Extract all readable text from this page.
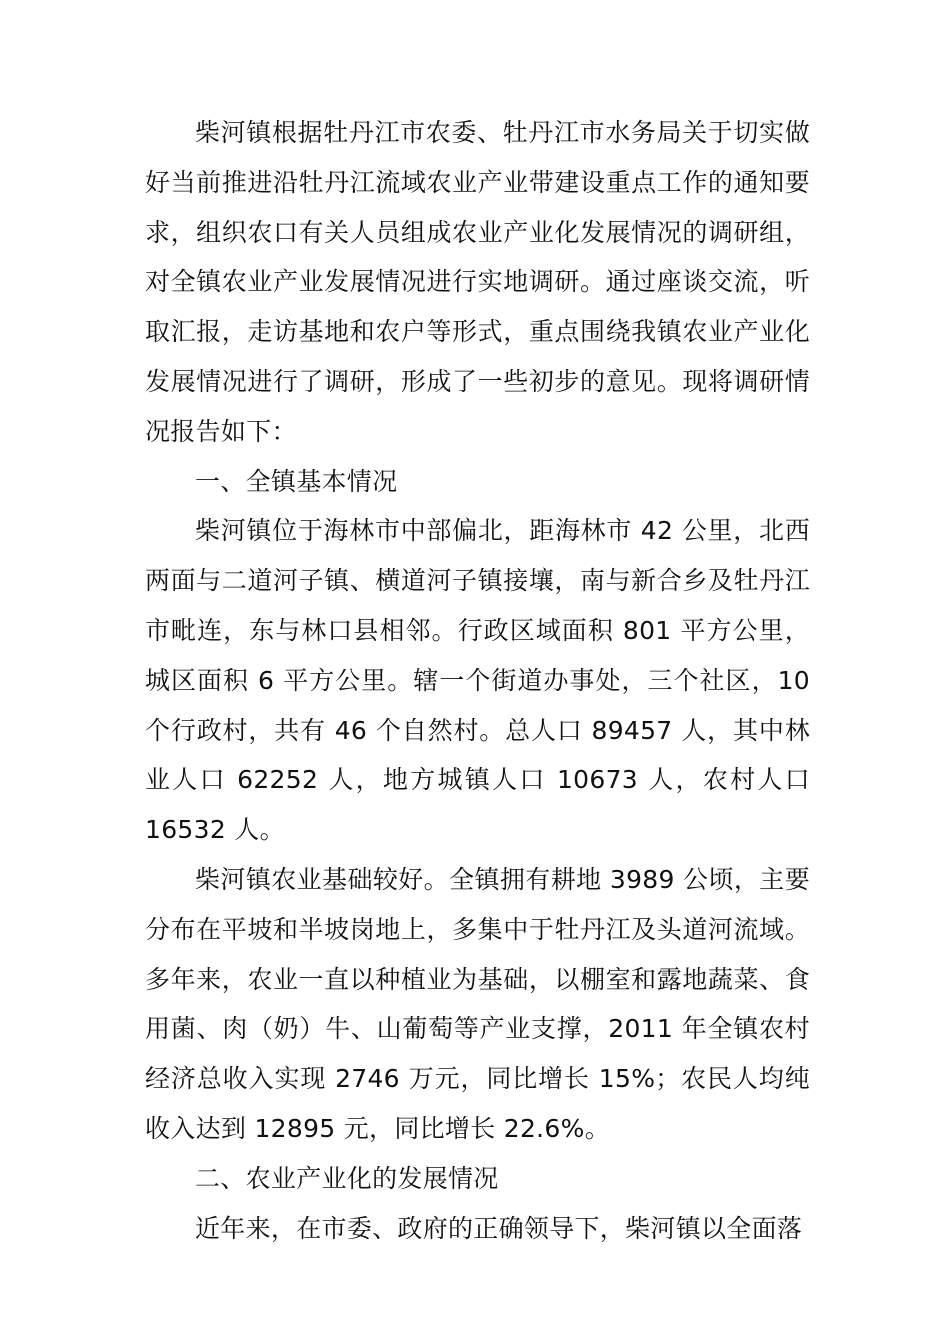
柴河镇根据牡丹江市农委、牡丹江市水务局关于切实做好当前推进沿牡丹江流域农业产业带建设重点工作的通知要求，组织农口有关人员组成农业产业化发展情况的调研组，对全镇农业产业发展情况进行实地调研。通过座谈交流，听取汇报，走访基地和农户等形式，重点围绕我镇农业产业化发展情况进行了调研，形成了一些初步的意见。现将调研情况报告如下：

一、全镇基本情况

柴河镇位于海林市中部偏北，距海林市 42 公里，北西两面与二道河子镇、横道河子镇接壤，南与新合乡及牡丹江市毗连，东与林口县相邻。行政区域面积 801 平方公里，城区面积 6 平方公里。辖一个街道办事处，三个社区，10 个行政村，共有 46 个自然村。总人口 89457 人，其中林业人口 62252 人，地方城镇人口 10673 人，农村人口 16532 人。

柴河镇农业基础较好。全镇拥有耕地 3989 公顷，主要分布在平坡和半坡岗地上，多集中于牡丹江及头道河流域。多年来，农业一直以种植业为基础，以棚室和露地蔬菜、食用菌、肉（奶）牛、山葡萄等产业支撑，2011 年全镇农村经济总收入实现 2746 万元，同比增长 15%；农民人均纯收入达到 12895 元，同比增长 22.6%。

二、农业产业化的发展情况

近年来，在市委、政府的正确领导下，柴河镇以全面落
